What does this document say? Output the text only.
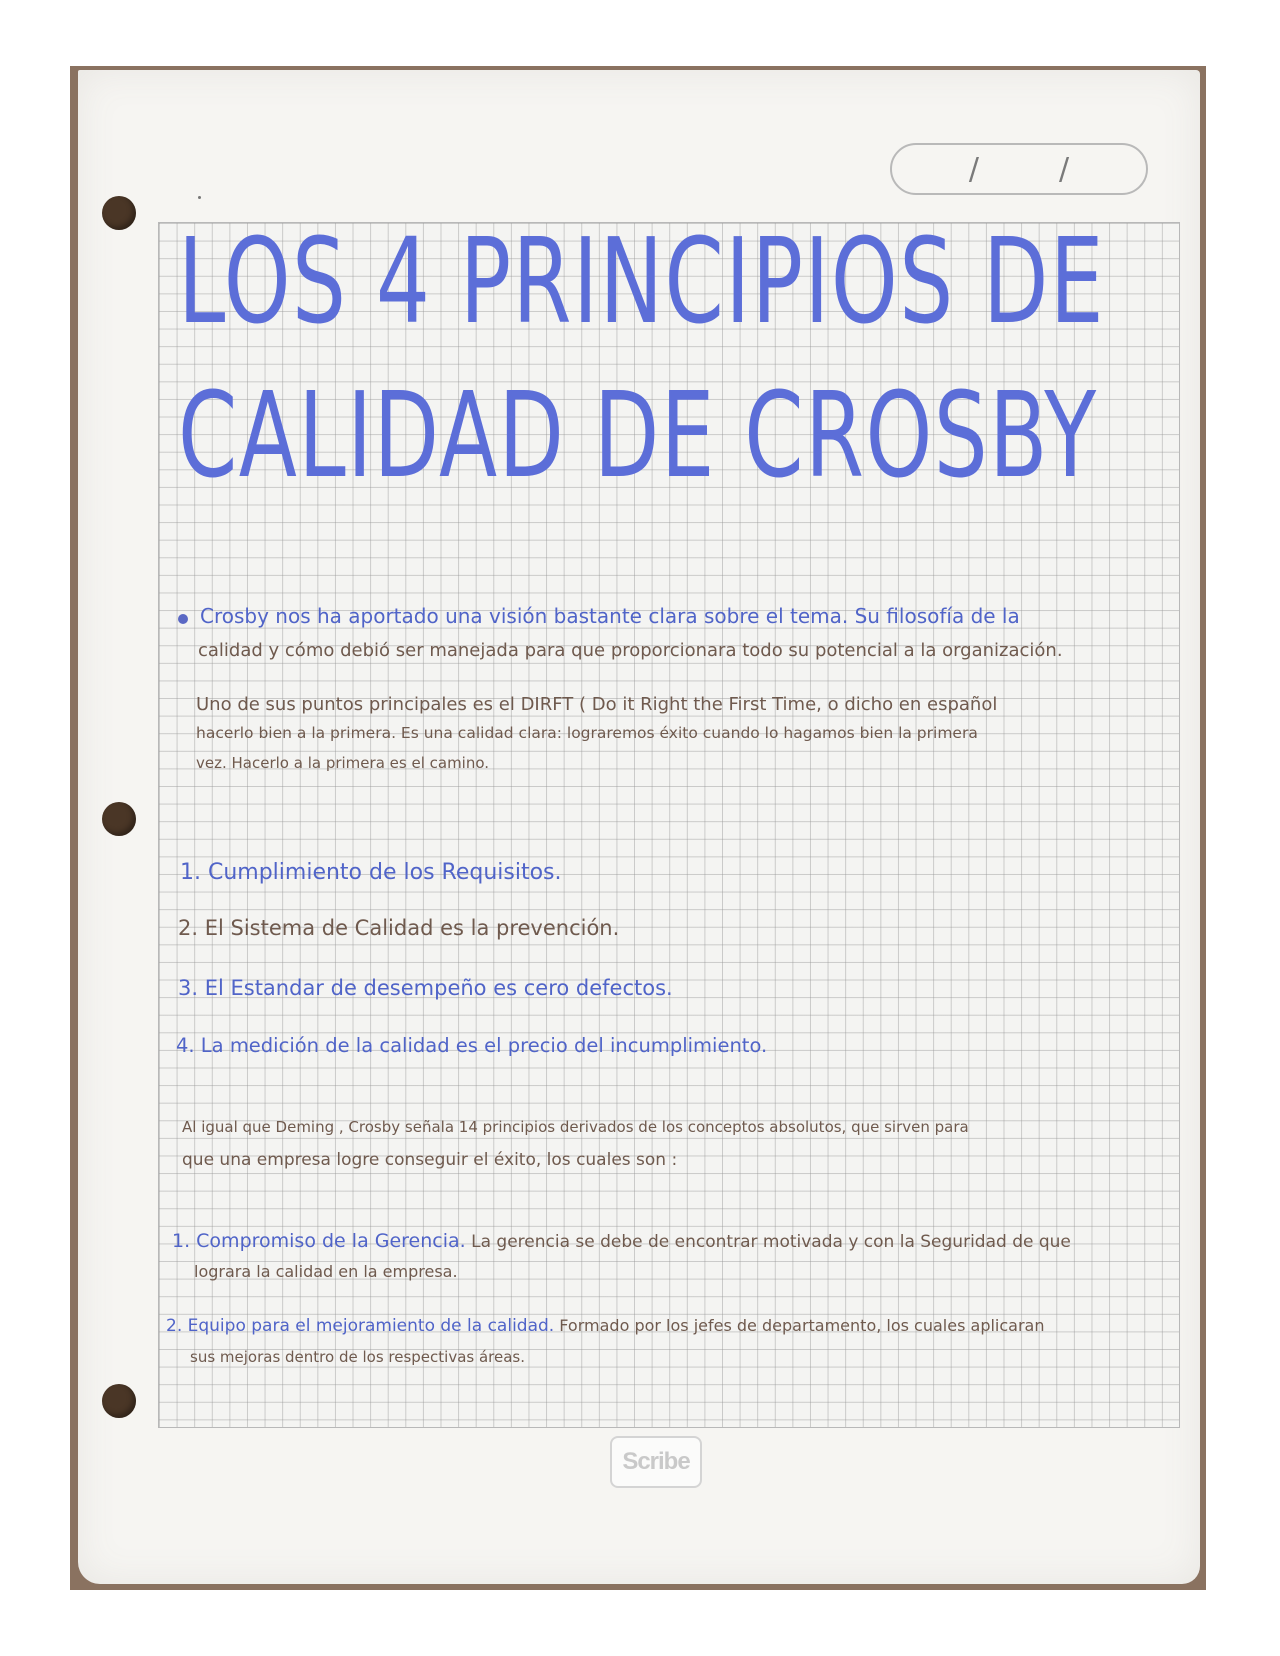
/	/
LOS 4 PRINCIPIOS DE
CALIDAD DE CROSBY
Crosby nos ha aportado una visión bastante clara sobre el tema. Su filosofía de la
calidad y cómo debió ser manejada para que proporcionara todo su potencial a la organización.
Uno de sus puntos principales es el DIRFT ( Do it Right the First Time, o dicho en español
hacerlo bien a la primera. Es una calidad clara: lograremos éxito cuando lo hagamos bien la primera
vez. Hacerlo a la primera es el camino.
1. Cumplimiento de los Requisitos.
2. El Sistema de Calidad es la prevención.
3. El Estandar de desempeño es cero defectos.
4. La medición de la calidad es el precio del incumplimiento.
Al igual que Deming , Crosby señala 14 principios derivados de los conceptos absolutos, que sirven para
que una empresa logre conseguir el éxito, los cuales son :
1. Compromiso de la Gerencia. La gerencia se debe de encontrar motivada y con la Seguridad de que
lograra la calidad en la empresa.
2. Equipo para el mejoramiento de la calidad. Formado por los jefes de departamento, los cuales aplicaran
sus mejoras dentro de los respectivas áreas.
Scribe
